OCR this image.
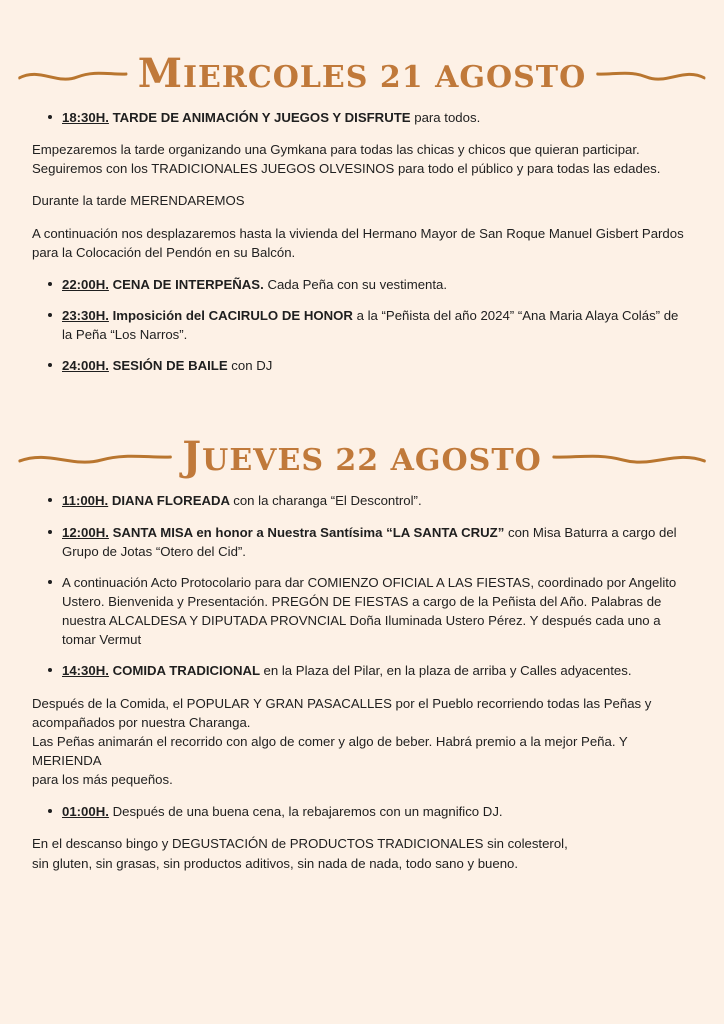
MIERCOLES 21 AGOSTO
18:30H. TARDE DE ANIMACIÓN Y JUEGOS Y DISFRUTE para todos.

Empezaremos la tarde organizando una Gymkana para todas las chicas y chicos que quieran participar.
Seguiremos con los TRADICIONALES JUEGOS OLVESINOS para todo el público y para todas las edades.

Durante la tarde MERENDAREMOS

A continuación nos desplazaremos hasta la vivienda del Hermano Mayor de San Roque Manuel Gisbert Pardos
para la Colocación del Pendón en su Balcón.

22:00H. CENA DE INTERPEÑAS. Cada Peña con su vestimenta.
23:30H. Imposición del CACIRULO DE HONOR a la “Peñista del año 2024” “Ana Maria Alaya Colás” de la Peña “Los Narros”.
24:00H. SESIÓN DE BAILE con DJ
JUEVES 22 AGOSTO
11:00H. DIANA FLOREADA con la charanga “El Descontrol”.
12:00H. SANTA MISA en honor a Nuestra Santísima “LA SANTA CRUZ” con Misa Baturra a cargo del Grupo de Jotas “Otero del Cid”.
A continuación Acto Protocolario para dar COMIENZO OFICIAL A LAS FIESTAS, coordinado por Angelito Ustero. Bienvenida y Presentación. PREGÓN DE FIESTAS a cargo de la Peñista del Año. Palabras de nuestra ALCALDESA Y DIPUTADA PROVNCIAL Doña Iluminada Ustero Pérez. Y después cada uno a tomar Vermut
14:30H. COMIDA TRADICIONAL en la Plaza del Pilar, en la plaza de arriba y Calles adyacentes.

Después de la Comida, el POPULAR Y GRAN PASACALLES por el Pueblo recorriendo todas las Peñas y
acompañados por nuestra Charanga.
Las Peñas animarán el recorrido con algo de comer y algo de beber. Habrá premio a la mejor Peña. Y MERIENDA
para los más pequeños.

01:00H. Después de una buena cena, la rebajaremos con un magnifico DJ.

En el descanso bingo y DEGUSTACIÓN de PRODUCTOS TRADICIONALES sin colesterol,
sin gluten, sin grasas, sin productos aditivos, sin nada de nada, todo sano y bueno.
